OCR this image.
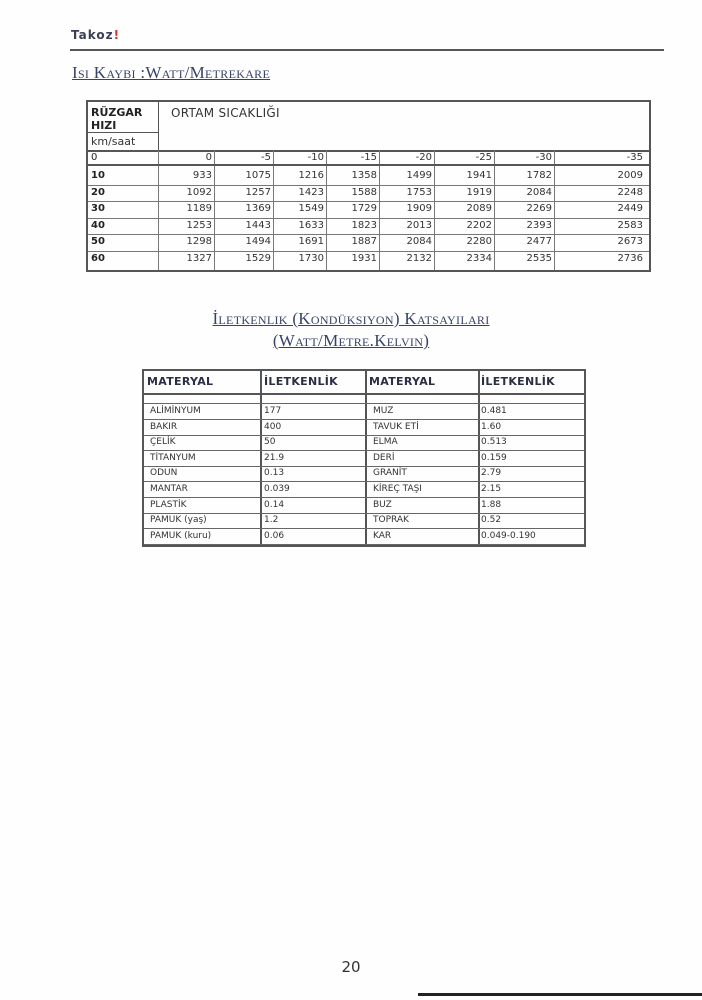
Takoz!
Isi Kaybi :Watt/Metrekare
RÜZGAR HIZI
km/saat
ORTAM SICAKLIĞI
0	0	-5	-10	-15	-20	-25	-30	-35
10	933	1075	1216	1358	1499	1941	1782	2009
20	1092	1257	1423	1588	1753	1919	2084	2248
30	1189	1369	1549	1729	1909	2089	2269	2449
40	1253	1443	1633	1823	2013	2202	2393	2583
50	1298	1494	1691	1887	2084	2280	2477	2673
60	1327	1529	1730	1931	2132	2334	2535	2736
İletkenlik (Kondüksiyon) Katsayilari
(Watt/Metre.Kelvin)
MATERYAL	İLETKENLİK	MATERYAL	İLETKENLİK
ALİMİNYUM	177	MUZ	0.481
BAKIR	400	TAVUK ETİ	1.60
ÇELİK	50	ELMA	0.513
TİTANYUM	21.9	DERİ	0.159
ODUN	0.13	GRANİT	2.79
MANTAR	0.039	KİREÇ TAŞI	2.15
PLASTİK	0.14	BUZ	1.88
PAMUK (yaş)	1.2	TOPRAK	0.52
PAMUK (kuru)	0.06	KAR	0.049-0.190
20
